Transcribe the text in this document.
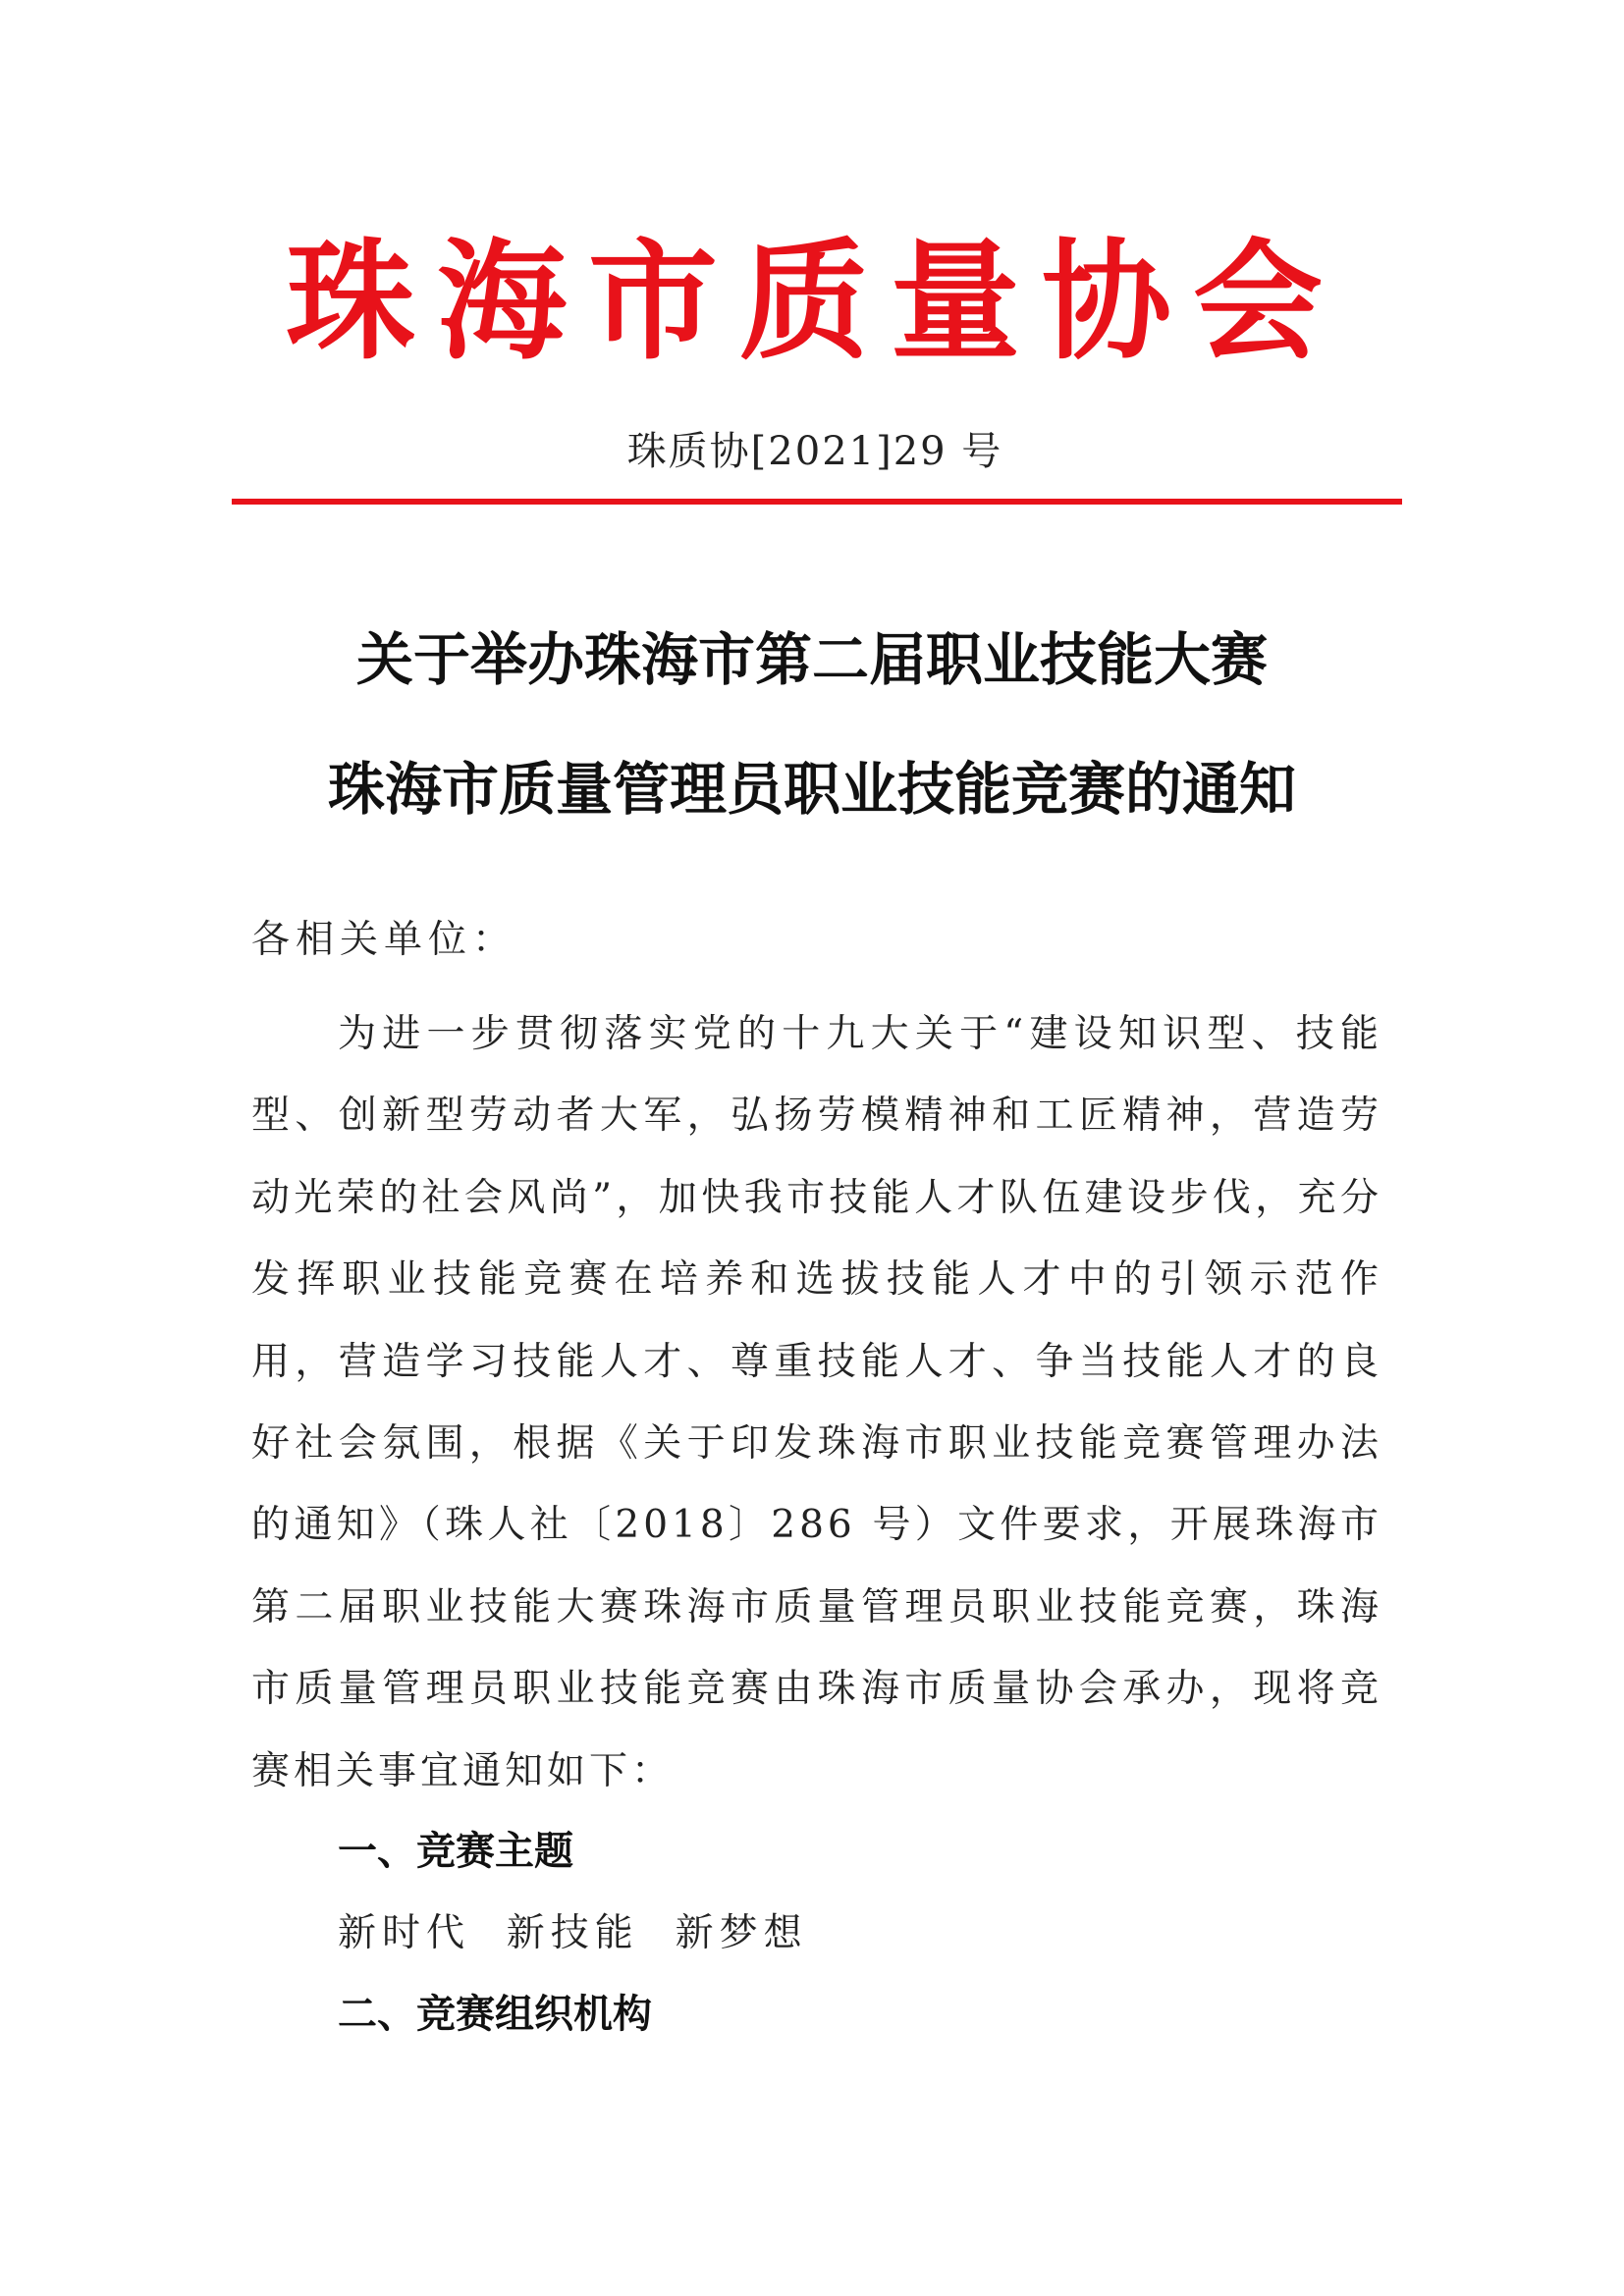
珠海市质量协会
珠质协[2021]29 号
关于举办珠海市第二届职业技能大赛
珠海市质量管理员职业技能竞赛的通知
各相关单位：
为进一步贯彻落实党的十九大关于“建设知识型、技能型、创新型劳动者大军，弘扬劳模精神和工匠精神，营造劳动光荣的社会风尚”，加快我市技能人才队伍建设步伐，充分发挥职业技能竞赛在培养和选拔技能人才中的引领示范作用，营造学习技能人才、尊重技能人才、争当技能人才的良好社会氛围，根据《关于印发珠海市职业技能竞赛管理办法的通知》（珠人社〔2018〕286 号）文件要求，开展珠海市第二届职业技能大赛珠海市质量管理员职业技能竞赛，珠海市质量管理员职业技能竞赛由珠海市质量协会承办，现将竞赛相关事宜通知如下：
一、竞赛主题
新时代  新技能  新梦想
二、竞赛组织机构
